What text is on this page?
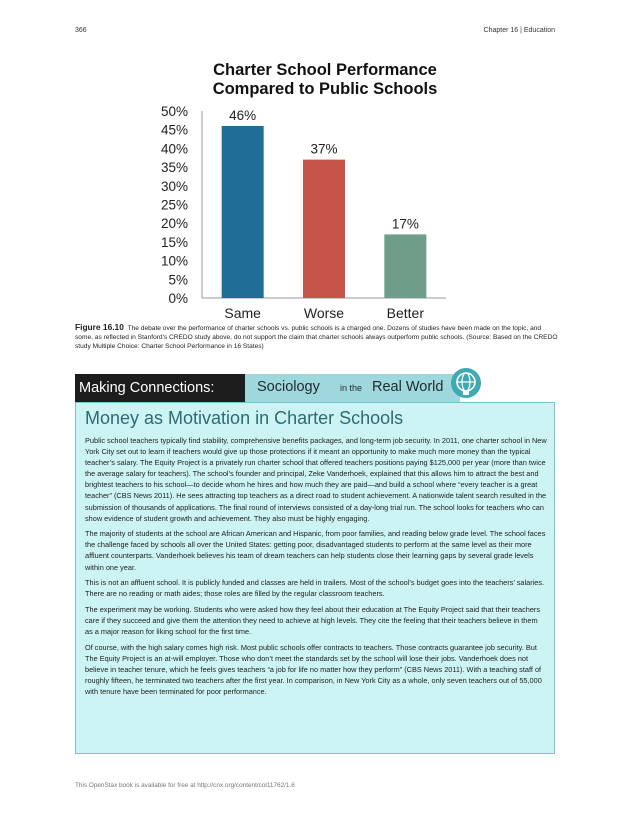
366	Chapter 16 | Education
Charter School Performance
Compared to Public Schools
0%
5%
10%
15%
20%
25%
30%
35%
40%
45%
50%	46%
Same
37%
Worse
17%
Better
Figure 16.10 The debate over the performance of charter schools vs. public schools is a charged one. Dozens of studies have been made on the topic, and some, as reflected in Stanford's CREDO study above, do not support the claim that charter schools always outperform public schools. (Source: Based on the CREDO study Multiple Choice: Charter School Performance in 16 States)
Making Connections:	Sociology in the Real World
Money as Motivation in Charter Schools

Public school teachers typically find stability, comprehensive benefits packages, and long-term job security. In 2011, one charter school in New York City set out to learn if teachers would give up those protections if it meant an opportunity to make much more money than the typical teacher’s salary. The Equity Project is a privately run charter school that offered teachers positions paying $125,000 per year (more than twice the average salary for teachers). The school’s founder and principal, Zeke Vanderhoek, explained that this allows him to attract the best and brightest teachers to his school—to decide whom he hires and how much they are paid—and build a school where “every teacher is a great teacher” (CBS News 2011). He sees attracting top teachers as a direct road to student achievement. A nationwide talent search resulted in the submission of thousands of applications. The final round of interviews consisted of a day-long trial run. The school looks for teachers who can show evidence of student growth and achievement. They also must be highly engaging.

The majority of students at the school are African American and Hispanic, from poor families, and reading below grade level. The school faces the challenge faced by schools all over the United States: getting poor, disadvantaged students to perform at the same level as their more affluent counterparts. Vanderhoek believes his team of dream teachers can help students close their learning gaps by several grade levels within one year.

This is not an affluent school. It is publicly funded and classes are held in trailers. Most of the school’s budget goes into the teachers’ salaries. There are no reading or math aides; those roles are filled by the regular classroom teachers.

The experiment may be working. Students who were asked how they feel about their education at The Equity Project said that their teachers care if they succeed and give them the attention they need to achieve at high levels. They cite the feeling that their teachers believe in them as a major reason for liking school for the first time.

Of course, with the high salary comes high risk. Most public schools offer contracts to teachers. Those contracts guarantee job security. But The Equity Project is an at-will employer. Those who don’t meet the standards set by the school will lose their jobs. Vanderhoek does not believe in teacher tenure, which he feels gives teachers “a job for life no matter how they perform” (CBS News 2011). With a teaching staff of roughly fifteen, he terminated two teachers after the first year. In comparison, in New York City as a whole, only seven teachers out of 55,000 with tenure have been terminated for poor performance.

This OpenStax book is available for free at http://cnx.org/content/col11762/1.6
